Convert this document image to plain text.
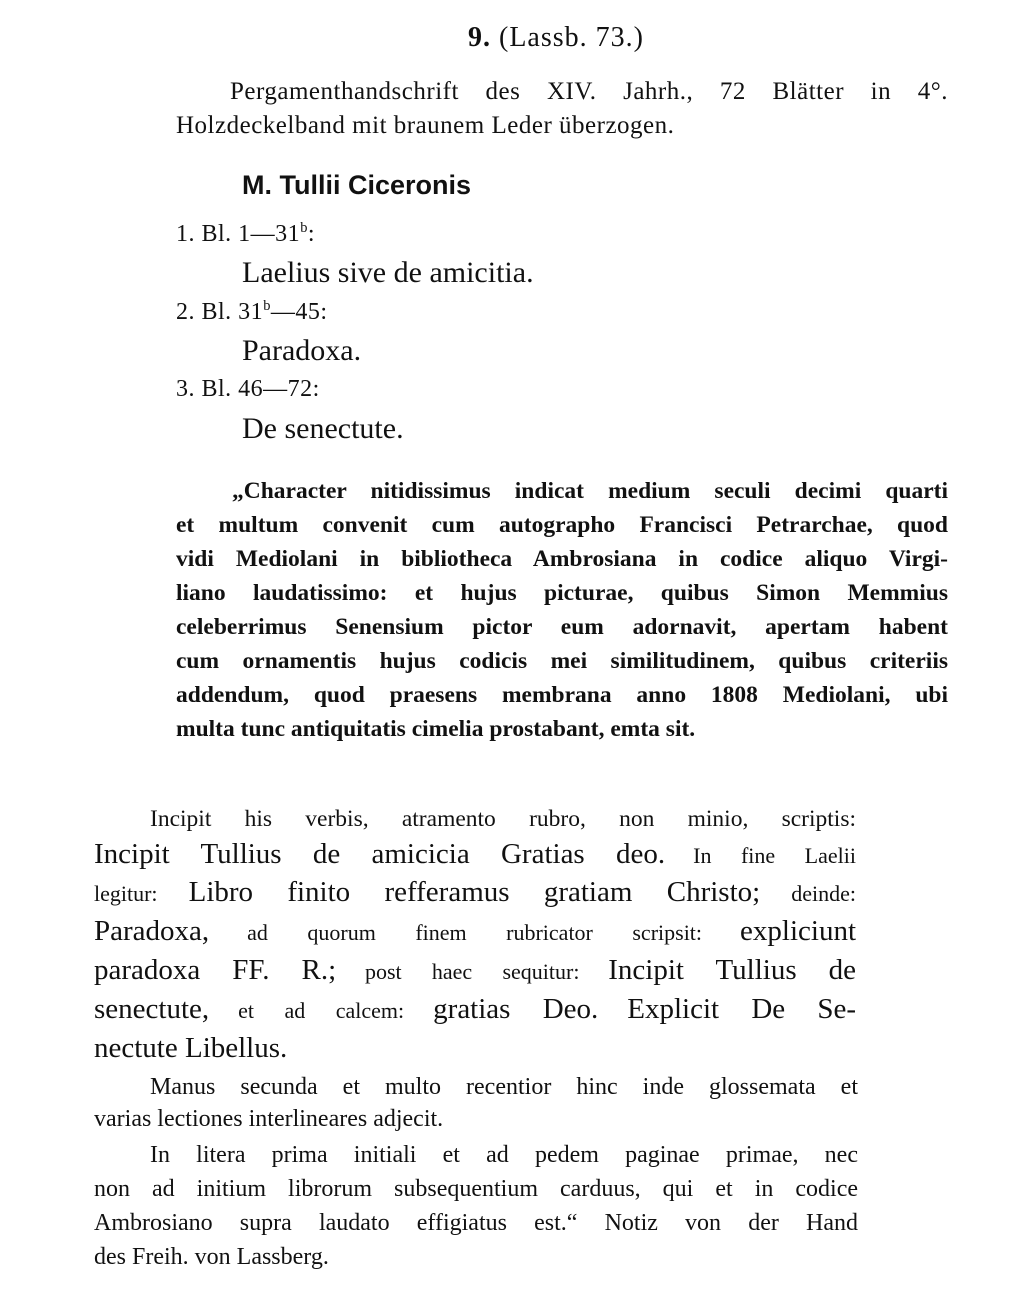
9. (Lassb. 73.)
Pergamenthandschrift des XIV. Jahrh., 72 Blätter in 4°.
Holzdeckelband mit braunem Leder überzogen.
M. Tullii Ciceronis
1. Bl. 1—31$^b$:
Laelius sive de amicitia.
2. Bl. 31$^b$—45:
Paradoxa.
3. Bl. 46—72:
De senectute.
„Character nitidissimus indicat medium seculi decimi quarti
et multum convenit cum autographo Francisci Petrarchae, quod
vidi Mediolani in bibliotheca Ambrosiana in codice aliquo Virgi-
liano laudatissimo: et hujus picturae, quibus Simon Memmius
celeberrimus Senensium pictor eum adornavit, apertam habent
cum ornamentis hujus codicis mei similitudinem, quibus criteriis
addendum, quod praesens membrana anno 1808 Mediolani, ubi
multa tunc antiquitatis cimelia prostabant, emta sit.
Incipit his verbis, atramento rubro, non minio, scriptis:
Incipit Tullius de amicicia Gratias deo. In fine Laelii
legitur: Libro finito refferamus gratiam Christo; deinde:
Paradoxa, ad quorum finem rubricator scripsit: expliciunt
paradoxa FF. R.; post haec sequitur: Incipit Tullius de
senectute, et ad calcem: gratias Deo. Explicit De Se-
nectute Libellus.
Manus secunda et multo recentior hinc inde glossemata et
varias lectiones interlineares adjecit.
In litera prima initiali et ad pedem paginae primae, nec
non ad initium librorum subsequentium carduus, qui et in codice
Ambrosiano supra laudato effigiatus est.“ Notiz von der Hand
des Freih. von Lassberg.
